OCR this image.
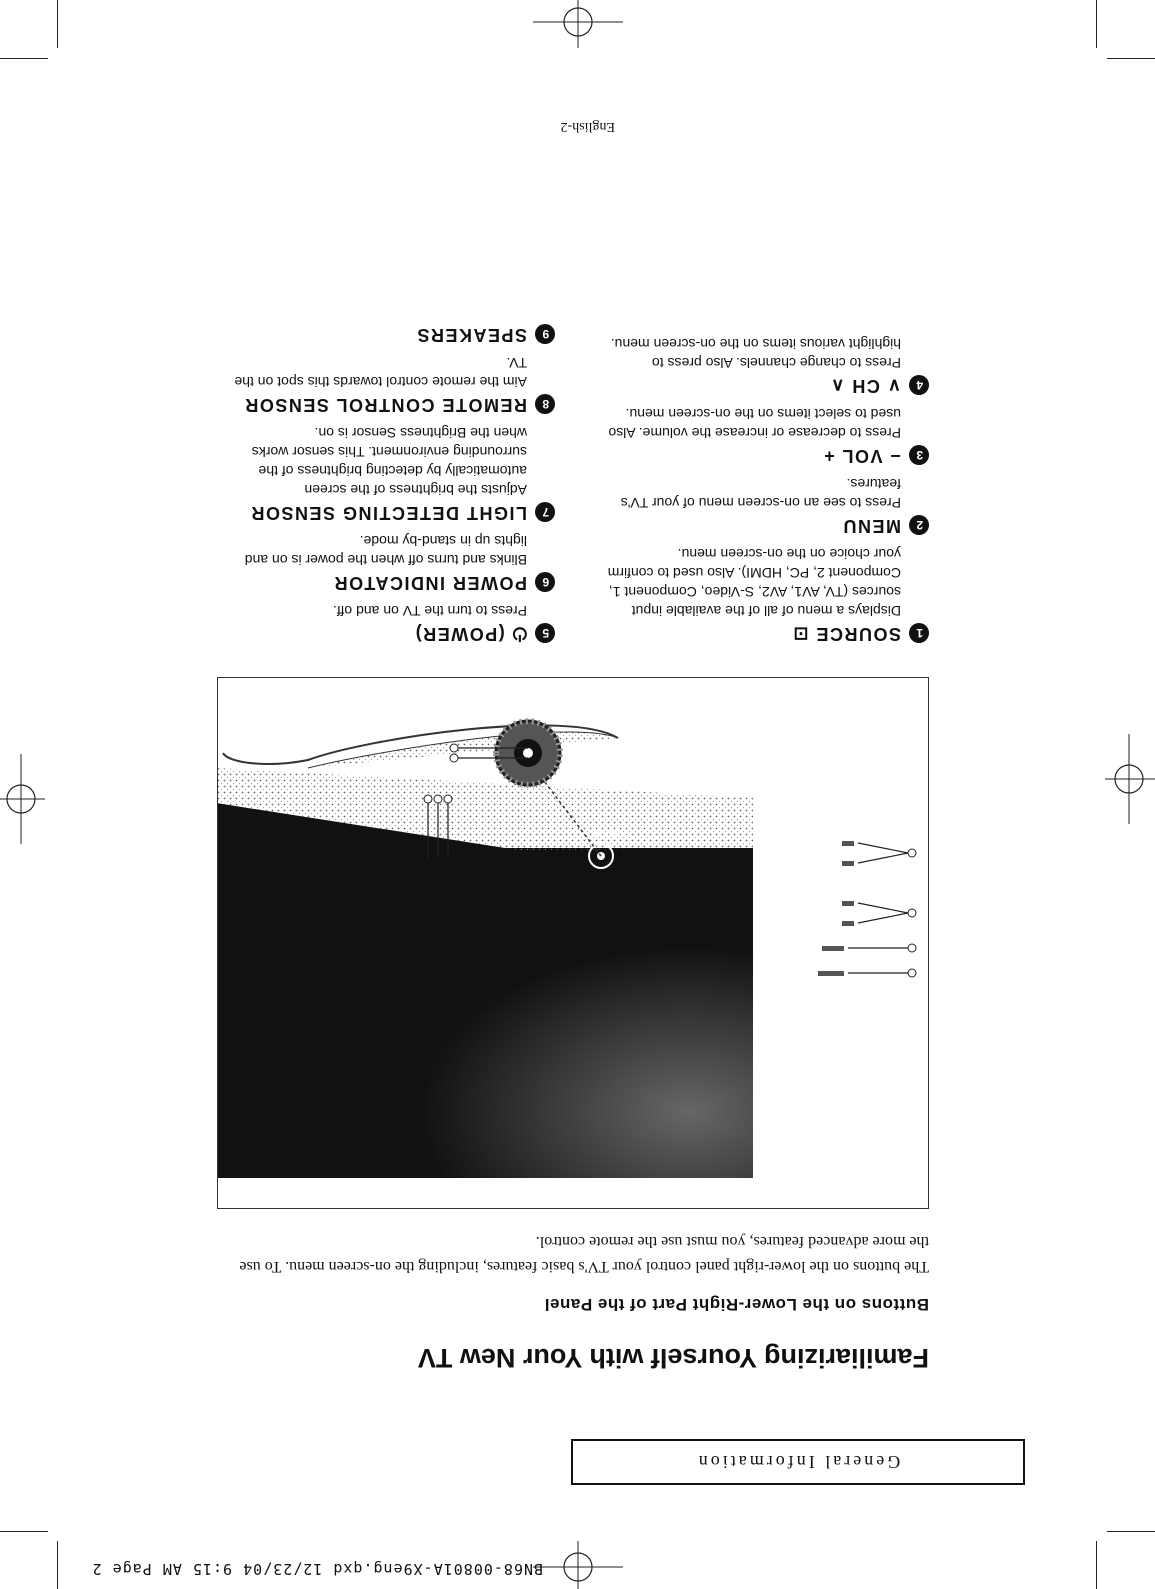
BN68-00801A-X9eng.qxd 12/23/04 9:15 AM Page 2
General Information
Familiarizing Yourself with Your New TV
Buttons on the Lower-Right Part of the Panel
The buttons on the lower-right panel control your TV's basic features, including the on-screen menu. To use the more advanced features, you must use the remote control.
SAMSUNG
1
SOURCE ⊡
Displays a menu of all of the available input sources (TV, AV1, AV2, S-Video, Component 1, Component 2, PC, HDMI). Also used to confirm your choice on the on-screen menu.
2
MENU
Press to see an on-screen menu of your TV's features.
3
− VOL +
Press to decrease or increase the volume. Also used to select items on the on-screen menu.
4
∨ CH ∧
Press to change channels. Also press to highlight various items on the on-screen menu.
5
⏻ (POWER)
Press to turn the TV on and off.
6
POWER INDICATOR
Blinks and turns off when the power is on and lights up in stand-by mode.
7
LIGHT DETECTING SENSOR
Adjusts the brightness of the screen automatically by detecting brightness of the surrounding environment. This sensor works when the Brightness Sensor is on.
8
REMOTE CONTROL SENSOR
Aim the remote control towards this spot on the TV.
9
SPEAKERS
English-2
